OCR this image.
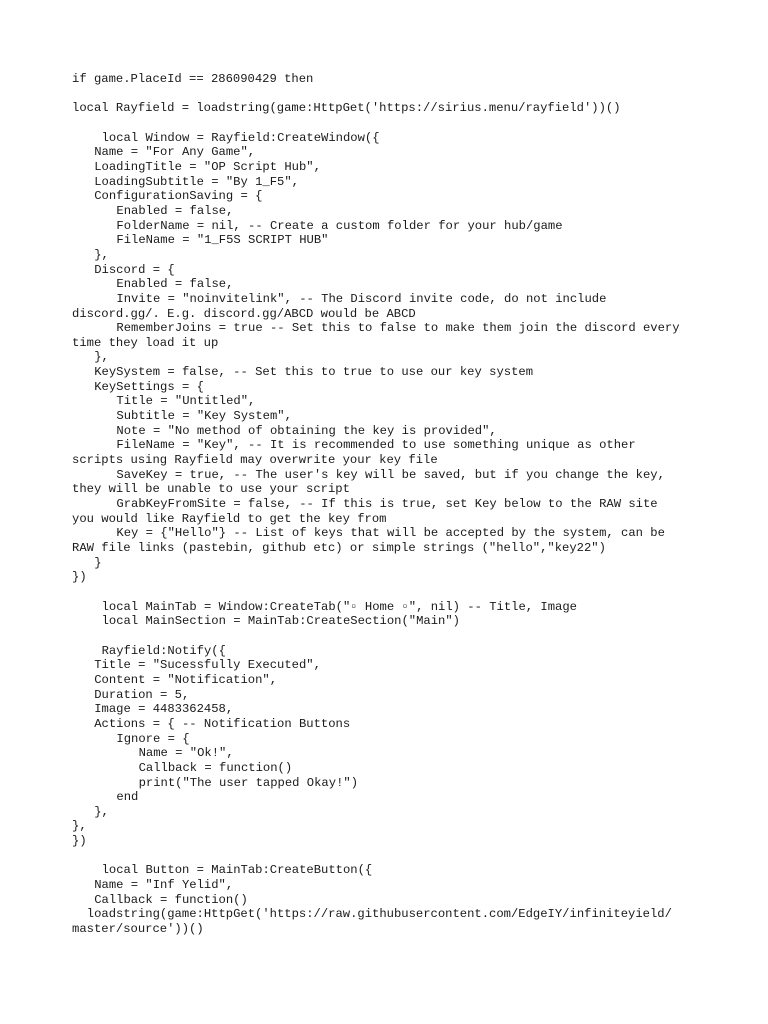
if game.PlaceId == 286090429 then
local Rayfield = loadstring(game:HttpGet('https://sirius.menu/rayfield'))()
local Window = Rayfield:CreateWindow({
Name = "For Any Game",
LoadingTitle = "OP Script Hub",
LoadingSubtitle = "By 1_F5",
ConfigurationSaving = {
Enabled = false,
FolderName = nil, -- Create a custom folder for your hub/game
FileName = "1_F5S SCRIPT HUB"
},
Discord = {
Enabled = false,
Invite = "noinvitelink", -- The Discord invite code, do not include
discord.gg/. E.g. discord.gg/ABCD would be ABCD
RememberJoins = true -- Set this to false to make them join the discord every
time they load it up
},
KeySystem = false, -- Set this to true to use our key system
KeySettings = {
Title = "Untitled",
Subtitle = "Key System",
Note = "No method of obtaining the key is provided",
FileName = "Key", -- It is recommended to use something unique as other
scripts using Rayfield may overwrite your key file
SaveKey = true, -- The user's key will be saved, but if you change the key,
they will be unable to use your script
GrabKeyFromSite = false, -- If this is true, set Key below to the RAW site
you would like Rayfield to get the key from
Key = {"Hello"} -- List of keys that will be accepted by the system, can be
RAW file links (pastebin, github etc) or simple strings ("hello","key22")
}
})
local MainTab = Window:CreateTab("▫ Home ▫", nil) -- Title, Image
local MainSection = MainTab:CreateSection("Main")
Rayfield:Notify({
Title = "Sucessfully Executed",
Content = "Notification",
Duration = 5,
Image = 4483362458,
Actions = { -- Notification Buttons
Ignore = {
Name = "Ok!",
Callback = function()
print("The user tapped Okay!")
end
},
},
})
local Button = MainTab:CreateButton({
Name = "Inf Yelid",
Callback = function()
loadstring(game:HttpGet('https://raw.githubusercontent.com/EdgeIY/infiniteyield/
master/source'))()
